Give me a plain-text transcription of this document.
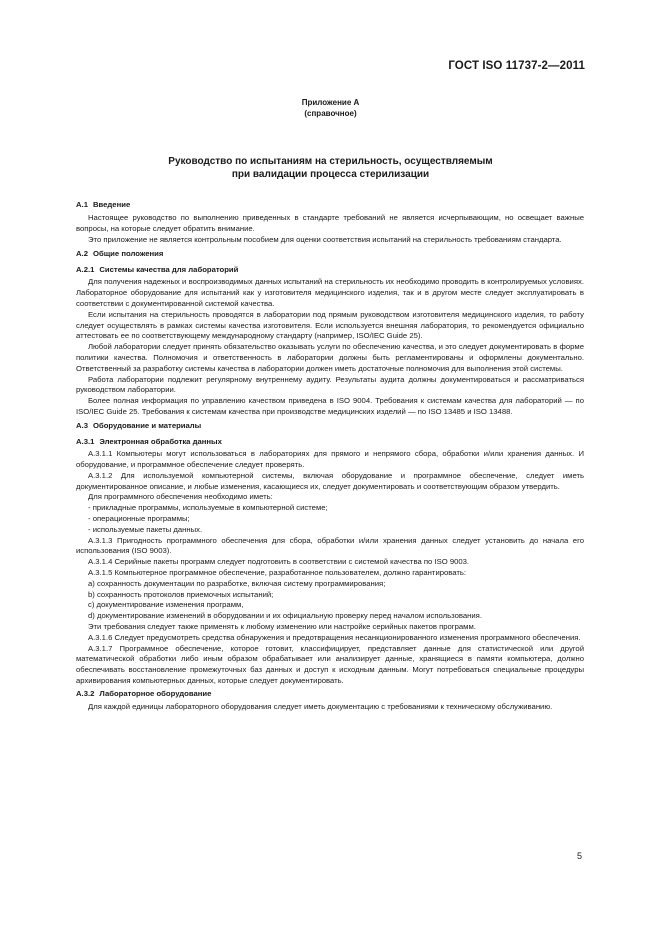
ГОСТ ISO 11737-2—2011
Приложение А
(справочное)
Руководство по испытаниям на стерильность, осуществляемым
при валидации процесса стерилизации
А.1 Введение

Настоящее руководство по выполнению приведенных в стандарте требований не является исчерпывающим, но освещает важные вопросы, на которые следует обратить внимание.

Это приложение не является контрольным пособием для оценки соответствия испытаний на стерильность требованиям стандарта.

А.2 Общие положения
А.2.1 Системы качества для лабораторий

Для получения надежных и воспроизводимых данных испытаний на стерильность их необходимо проводить в контролируемых условиях. Лабораторное оборудование для испытаний как у изготовителя медицинского изделия, так и в другом месте следует эксплуатировать в соответствии с документированной системой качества.

Если испытания на стерильность проводятся в лаборатории под прямым руководством изготовителя медицинского изделия, то работу следует осуществлять в рамках системы качества изготовителя. Если используется внешняя лаборатория, то рекомендуется официально аттестовать ее по соответствующему международному стандарту (например, ISO/IEC Guide 25).

Любой лаборатории следует принять обязательство оказывать услуги по обеспечению качества, и это следует документировать в форме политики качества. Полномочия и ответственность в лаборатории должны быть регламентированы и оформлены документально. Ответственный за разработку системы качества в лаборатории должен иметь достаточные полномочия для выполнения этой системы.

Работа лаборатории подлежит регулярному внутреннему аудиту. Результаты аудита должны документироваться и рассматриваться руководством лаборатории.

Более полная информация по управлению качеством приведена в ISO 9004. Требования к системам качества для лабораторий — по ISO/IEC Guide 25. Требования к системам качества при производстве медицинских изделий — по ISO 13485 и ISO 13488.

А.3 Оборудование и материалы
А.3.1 Электронная обработка данных

А.3.1.1 Компьютеры могут использоваться в лабораториях для прямого и непрямого сбора, обработки и/или хранения данных. И оборудование, и программное обеспечение следует проверять.

А.3.1.2 Для используемой компьютерной системы, включая оборудование и программное обеспечение, следует иметь документированное описание, и любые изменения, касающиеся их, следует документировать и соответствующим образом утвердить.

Для программного обеспечения необходимо иметь:

- прикладные программы, используемые в компьютерной системе;

- операционные программы;

- используемые пакеты данных.

А.3.1.3 Пригодность программного обеспечения для сбора, обработки и/или хранения данных следует установить до начала его использования (ISO 9003).

А.3.1.4 Серийные пакеты программ следует подготовить в соответствии с системой качества по ISO 9003.

А.3.1.5 Компьютерное программное обеспечение, разработанное пользователем, должно гарантировать:

a) сохранность документации по разработке, включая систему программирования;

b) сохранность протоколов приемочных испытаний;

c) документирование изменения программ,

d) документирование изменений в оборудовании и их официальную проверку перед началом использования.

Эти требования следует также применять к любому изменению или настройке серийных пакетов программ.

А.3.1.6 Следует предусмотреть средства обнаружения и предотвращения несанкционированного изменения программного обеспечения.

А.3.1.7 Программное обеспечение, которое готовит, классифицирует, представляет данные для статистической или другой математической обработки либо иным образом обрабатывает или анализирует данные, хранящиеся в памяти компьютера, должно обеспечивать восстановление промежуточных баз данных и доступ к исходным данным. Могут потребоваться специальные процедуры архивирования компьютерных данных, которые следует документировать.

А.3.2 Лабораторное оборудование

Для каждой единицы лабораторного оборудования следует иметь документацию с требованиями к техническому обслуживанию.

5
